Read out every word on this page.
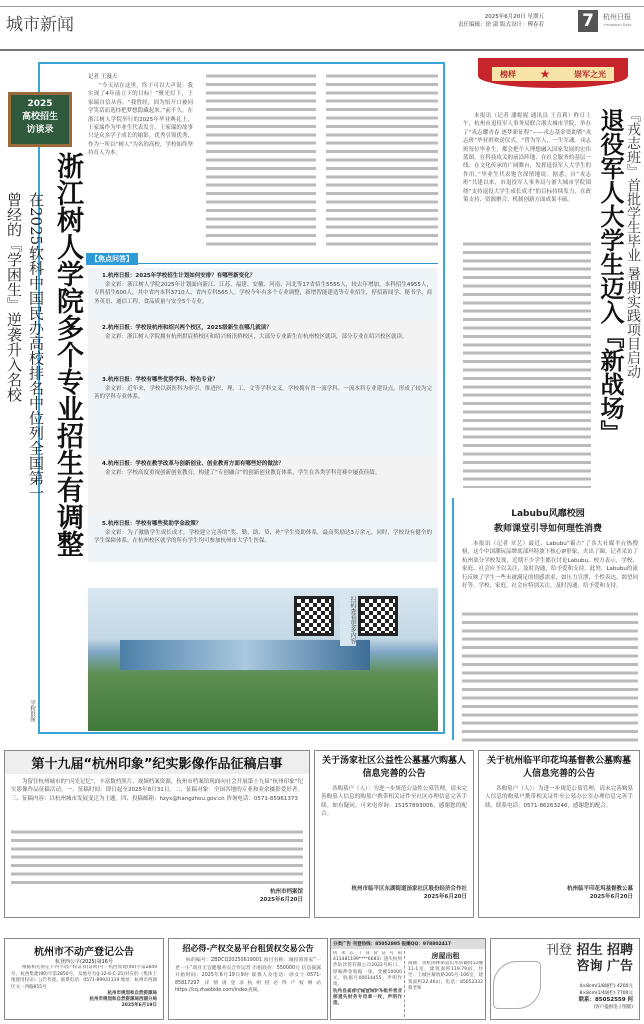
城市新闻	2025年6月20日 星期五
责任编辑：徐 淑 版式设计：傅春若 7	杭州日报
Hangzhou Daily
2025
高校招生
访谈录
浙江树人学院多个专业招生有调整
在2025软科中国民办高校排名中位列全国第一
曾经的『学困生』逆袭升入名校
记者 王漫天
“今天站在这里，终于可以大声说：我实现了4年前立下的目标！”聚光灯下，王家瑞自信从容，“我曾经，因为怕开口被同学笑话而选择把梦想隐藏起来。”前不久，在浙江树人学院举行的2025年毕业典礼上，王家瑞作为毕业生代表发言。王家瑞的故事只是众多学子成长的缩影。优秀引领优秀，作为一所以“树人”为名的高校，学校始终坚持育人为本。
【焦点问答】
1.杭州日报：2025年学校招生计划如何安排？有哪些新变化？
金文彩：浙江树人学院2025年计划面向浙江、江苏、福建、安徽、河南、河北等17省招生5555人，较去年增加。本科招生4955人，专科招生600人，其中省内本科3710人、省内专科565人。学校今年有多个专业调整，新增智能建造等专业招生，停招新闻学、秘书学、商务英语、通信工程、食品质量与安全5个专业。
2.杭州日报：学校设杭州和绍兴两个校区，2025级新生在哪几就读？
金文彩：浙江树人学院拥有杭州拱宸桥校区和绍兴杨汛桥校区，大部分专业新生在杭州校区就读，部分专业在绍兴校区就读。
3.杭州日报：学校有哪些优势学科、特色专业？
金文彩：近年来，学校以新医科为牵引，推进医、理、工、文等学科交叉。学校拥有省一流学科、一流本科专业建设点，形成了较为完善的学科专业体系。
4.杭州日报：学校在教学改革与创新创业、创业教育方面有哪些好的做法？
金文彩：学校高度重视创新创业教育，构建了“专创融合”的创新创业教育体系，学生在各类学科竞赛中屡获佳绩。
5.杭州日报：学校有哪些奖助学金政策？
金文彩：为了激励学生成长成才，学校建立完善的“奖、勤、助、贷、补”学生资助体系，最高奖励达3万余元。同时，学校设有健全的学生保障体系，在杭州校区就学的所有学生均可参加杭州市大学生医保。
扫码查看更多内容
学校供图
榜样 ★	崇军之光
『戎志班』首批学生毕业 暑期实践项目启动
退役军人大学生迈入『新战场』
本报讯（记者 潘妮妮 通讯员 王育莉）昨日上午，杭州市退役军人事务局联合浙大城市学院，举办了“戎志耀青春 逐梦新征程”——戎志基金资助暨“戎志班”毕业班欢送仪式。“曾为军人，一生军魂。戎志班每位毕业生，都会把个人理想融入国家发展的宏伟蓝图，在科技攻关的前沿阵地、在社会服务的基层一线、在文化传承的广阔舞台，发挥退役军人大学生的作用。”毕业生代表饱含深情地说。据悉，自“戎志班”共建以来，市退役军人事务局与浙大城市学院围绕“支持退役大学生成长成才”的目标持续发力，在政策支持、资源聚合、机制创新方面成果丰硕。
Labubu风靡校园
教师课堂引导如何理性消费
本报讯（记者 章艺）最近，Labubu“霸占”了各大社媒平台热搜榜，这个中国潮玩品牌底部玛特旗下核心IP形象，火出了圈。记者采访了杭州部分学校发现，近期不少学生都在讨论Labubu。校方表示，学校、家庭、社会应予以关注，及时沟通，给予爱和支持。此外，Labubu的流行反映了学生一些未被满足的情感需求，如压力宣泄、个性表达、渴望同好等。学校、家庭、社会应特别关注，及时沟通，给予爱和支持。
第十九届“杭州印象”纪实影像作品征稿启事
为留住杭州城市的“闪光记忆”，丰富数档照片、视频档案资源，杭州市档案馆现面向社会开展第十九届“杭州印象”纪实影像作品征稿活动。一、征稿时间：即日起至2025年8月31日。二、征稿对象：全国各地的专业和业余摄影爱好者。三、征稿内容：以杭州城市发展变迁为主题。四、投稿邮箱：hzyx@hangzhou.gov.cn 咨询电话：0571-85961373
杭州市档案馆
2025年6月20日
关于汤家社区公益性公墓墓穴购墓人信息完善的公告
各购墓户（人）：为进一步规范公益性公墓管理，请未完善购墓人信息的购墓户携带相关证件至社区办理信息完善手续。如有疑问，可来电咨询：15157893006，感谢您的配合。
杭州市临平区东湖街道汤家社区股份经济合作社
2025年6月20日
关于杭州临平印花坞基督教公墓购墓人信息完善的公告
各购墓户（人）：为进一步规范公墓管理，请未完善购墓人信息的购墓户携带相关证件至公墓办公室办理信息完善手续。联系电话：0571-86263246，感谢您的配合。
杭州临平印花坞基督教公墓
2025年6月20日
杭州市不动产登记公告
杭登西公字(2025)第16号
根据相关规定下列不动产权证书(证明)号：杭西集建(90)字第2849号、杭西集建(90)字第2850号，及地号为(J-32-6-C-25)对应的《集体土地使用权证》公告作废。联系电话：0571-89931119 地址：杭州市西湖区文一西路855号
杭州市规划和自然资源局
杭州市规划和自然资源局西湖分局
2025年6月19日
招必得-产权交易平台租赁权交易公告
标的编号：ZBDCQ20250619001 项目名称：城投领客家“一老一小”项目无宜健服务点合作运营 出租底价：550000元 信息披露开始时间：2025年6月19日9时 联系人及电话：徐女士 0571-85817297 详情请登录杭州招必得产权网站 https://cq.zhaobide.com/index查阅。
分类广告 刊登热线：85052895 报摊QQ：978802417
何永志（身份证号码411481199****6683）遗失杭州热钻饮管有限公司2022号桩口，原编押金收据一张，金额10000元，收据号00014455，声明作废。
杭州县富春仕缝壹城铲车配件营业部遗失财务专用章一枚，声明作废。
房屋出租
商铺：余杭闲林街道山水居御园11幢11-1室，建筑面积119.79㎡。住宅：上城区解放路205号-106室，建筑面积22.46㎡。电话：85052332 蔡老师
刊登 招生 招聘
咨询 广告
4×8cm(1/8通栏) 4200元
8×8cm(1/4通栏) 7700元
联系：85052559 何
(客户提供电子图版)
